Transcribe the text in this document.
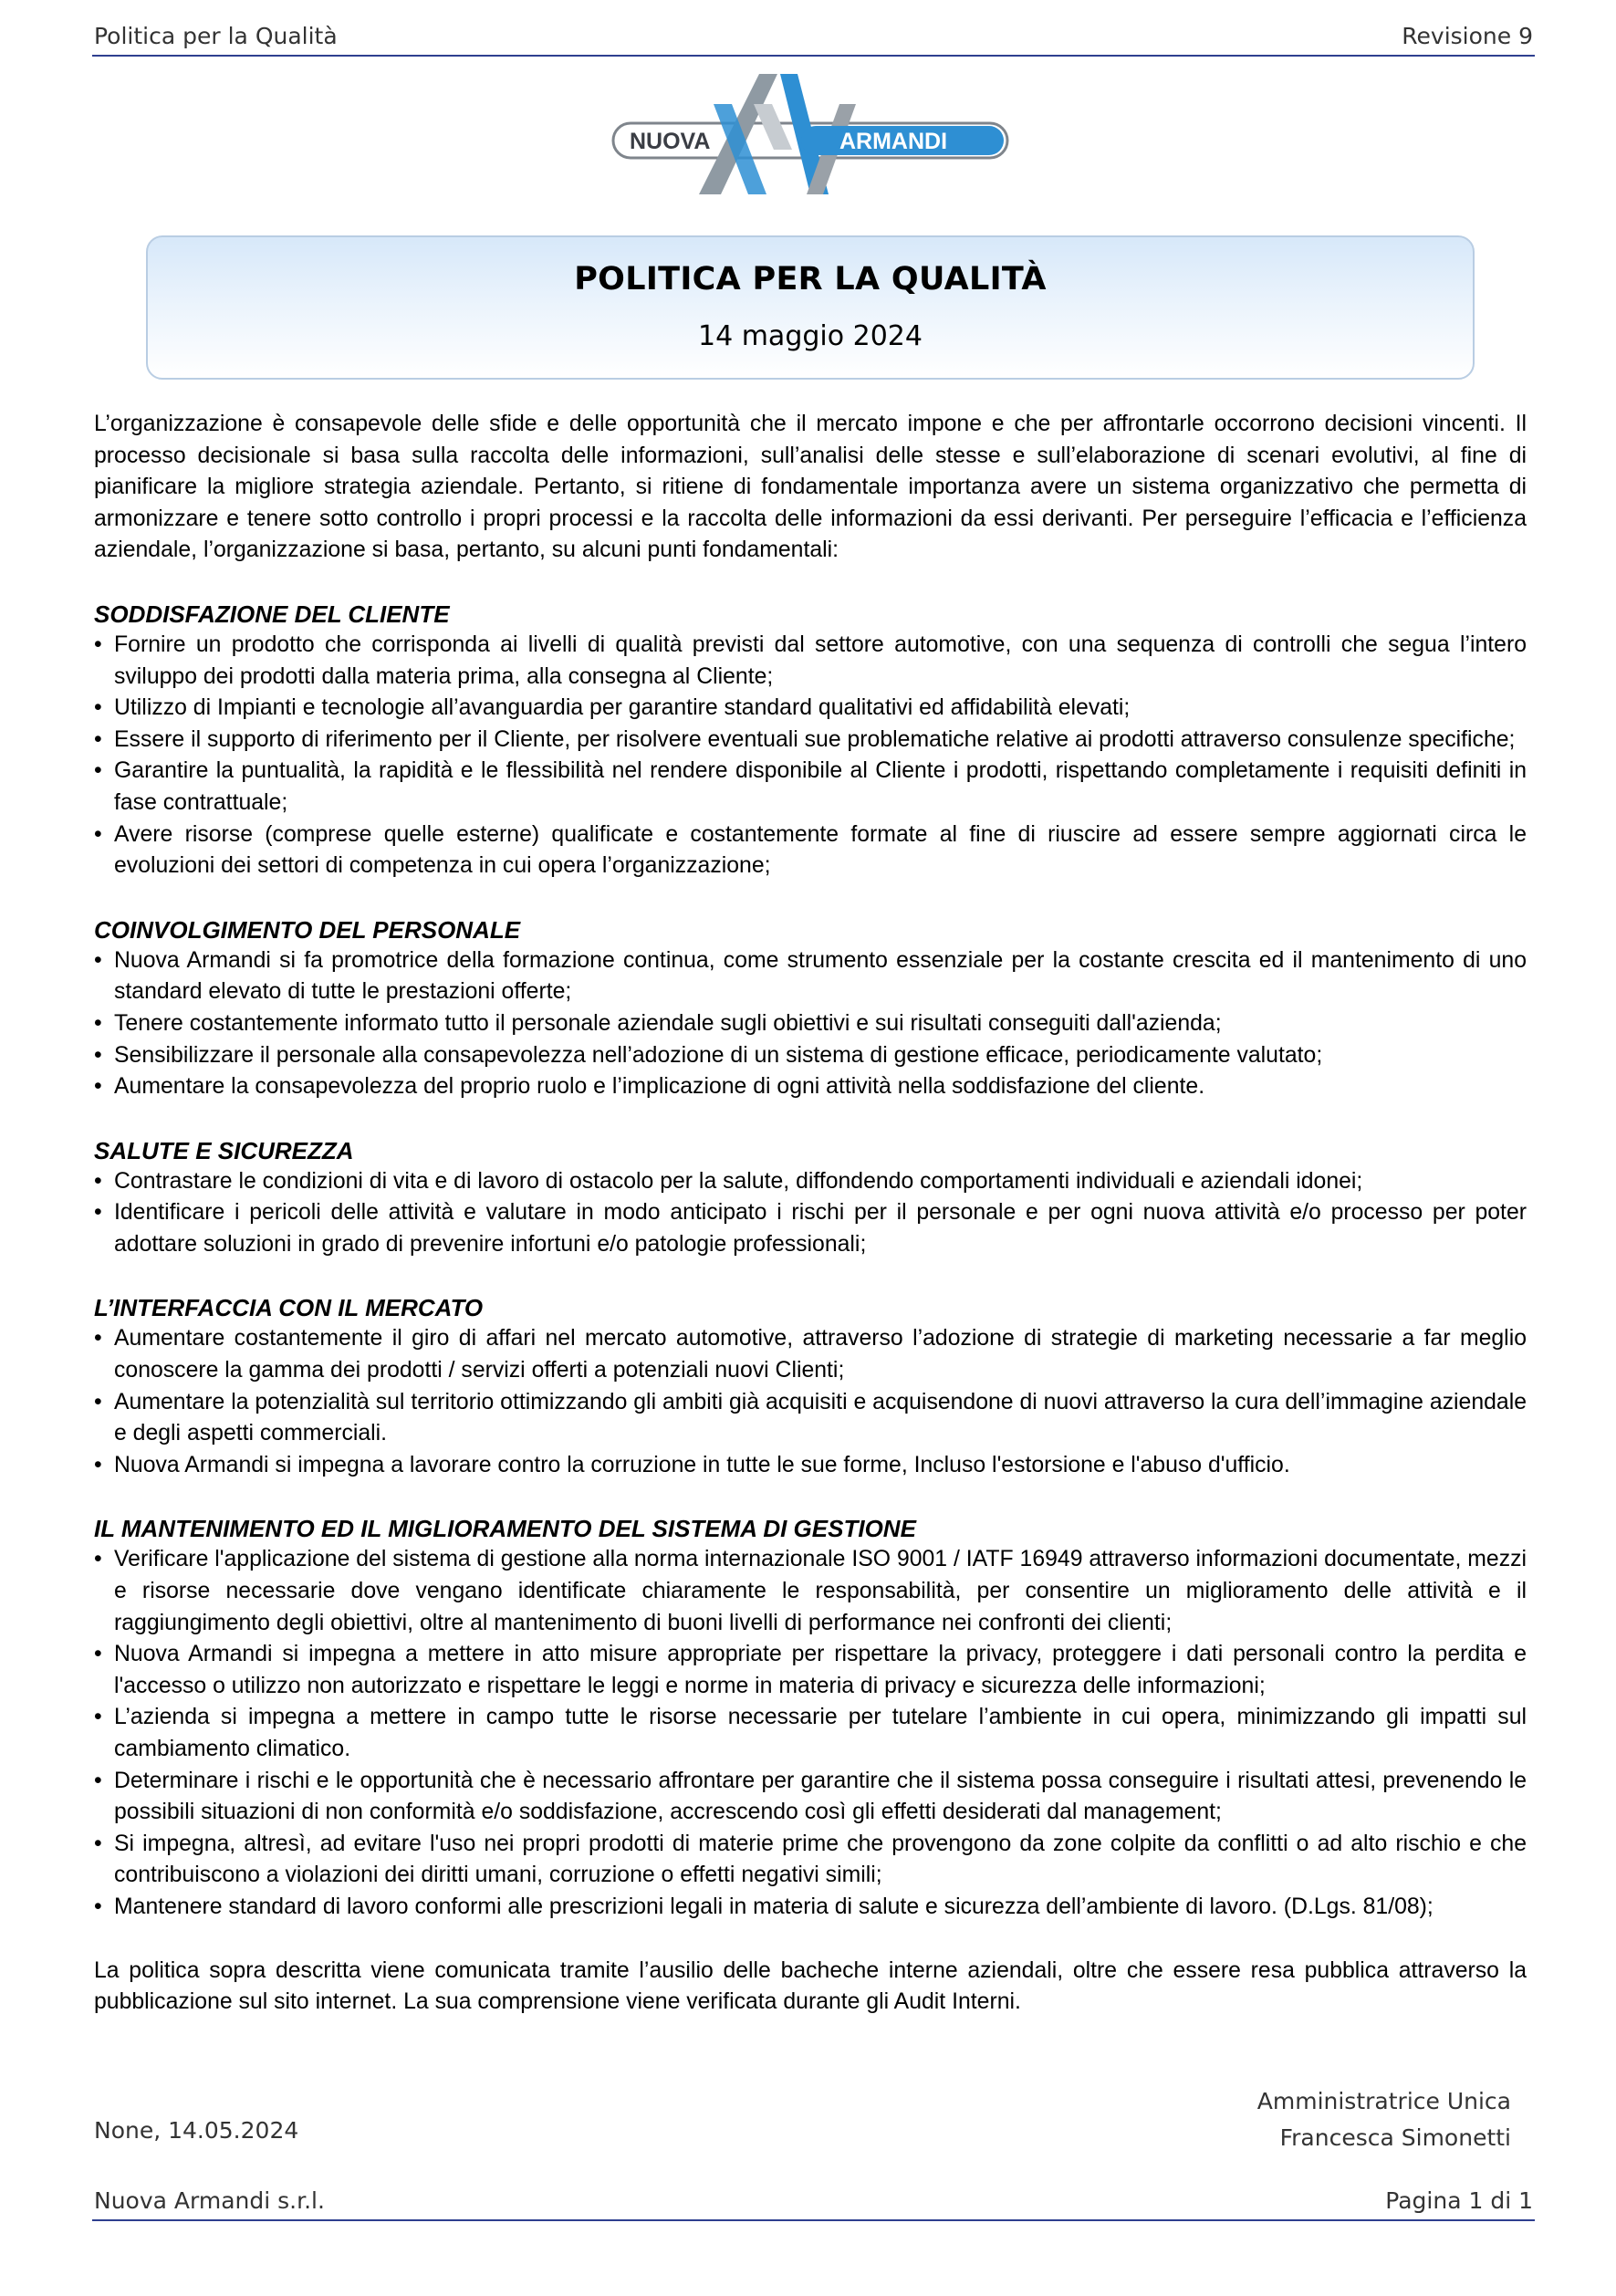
Politica per la Qualità	Revisione 9
NUOVA	ARMANDI
POLITICA PER LA QUALITÀ
14 maggio 2024

L’organizzazione è consapevole delle sfide e delle opportunità che il mercato impone e che per affrontarle occorrono decisioni vincenti. Il processo decisionale si basa sulla raccolta delle informazioni, sull’analisi delle stesse e sull’elaborazione di scenari evolutivi, al fine di pianificare la migliore strategia aziendale. Pertanto, si ritiene di fondamentale importanza avere un sistema organizzativo che permetta di armonizzare e tenere sotto controllo i propri processi e la raccolta delle informazioni da essi derivanti. Per perseguire l’efficacia e l’efficienza aziendale, l’organizzazione si basa, pertanto, su alcuni punti fondamentali:

SODDISFAZIONE DEL CLIENTE
• Fornire un prodotto che corrisponda ai livelli di qualità previsti dal settore automotive, con una sequenza di controlli che segua l’intero sviluppo dei prodotti dalla materia prima, alla consegna al Cliente;
• Utilizzo di Impianti e tecnologie all’avanguardia per garantire standard qualitativi ed affidabilità elevati;
• Essere il supporto di riferimento per il Cliente, per risolvere eventuali sue problematiche relative ai prodotti attraverso consulenze specifiche;
• Garantire la puntualità, la rapidità e le flessibilità nel rendere disponibile al Cliente i prodotti, rispettando completamente i requisiti definiti in fase contrattuale;
• Avere risorse (comprese quelle esterne) qualificate e costantemente formate al fine di riuscire ad essere sempre aggiornati circa le evoluzioni dei settori di competenza in cui opera l’organizzazione;
COINVOLGIMENTO DEL PERSONALE
• Nuova Armandi si fa promotrice della formazione continua, come strumento essenziale per la costante crescita ed il mantenimento di uno standard elevato di tutte le prestazioni offerte;
• Tenere costantemente informato tutto il personale aziendale sugli obiettivi e sui risultati conseguiti dall'azienda;
• Sensibilizzare il personale alla consapevolezza nell’adozione di un sistema di gestione efficace, periodicamente valutato;
• Aumentare la consapevolezza del proprio ruolo e l’implicazione di ogni attività nella soddisfazione del cliente.
SALUTE E SICUREZZA
• Contrastare le condizioni di vita e di lavoro di ostacolo per la salute, diffondendo comportamenti individuali e aziendali idonei;
• Identificare i pericoli delle attività e valutare in modo anticipato i rischi per il personale e per ogni nuova attività e/o processo per poter adottare soluzioni in grado di prevenire infortuni e/o patologie professionali;
L’INTERFACCIA CON IL MERCATO
• Aumentare costantemente il giro di affari nel mercato automotive, attraverso l’adozione di strategie di marketing necessarie a far meglio conoscere la gamma dei prodotti / servizi offerti a potenziali nuovi Clienti;
• Aumentare la potenzialità sul territorio ottimizzando gli ambiti già acquisiti e acquisendone di nuovi attraverso la cura dell’immagine aziendale e degli aspetti commerciali.
• Nuova Armandi si impegna a lavorare contro la corruzione in tutte le sue forme, Incluso l'estorsione e l'abuso d'ufficio.
IL MANTENIMENTO ED IL MIGLIORAMENTO DEL SISTEMA DI GESTIONE
• Verificare l'applicazione del sistema di gestione alla norma internazionale ISO 9001 / IATF 16949 attraverso informazioni documentate, mezzi e risorse necessarie dove vengano identificate chiaramente le responsabilità, per consentire un miglioramento delle attività e il raggiungimento degli obiettivi, oltre al mantenimento di buoni livelli di performance nei confronti dei clienti;
• Nuova Armandi si impegna a mettere in atto misure appropriate per rispettare la privacy, proteggere i dati personali contro la perdita e l'accesso o utilizzo non autorizzato e rispettare le leggi e norme in materia di privacy e sicurezza delle informazioni;
• L’azienda si impegna a mettere in campo tutte le risorse necessarie per tutelare l’ambiente in cui opera, minimizzando gli impatti sul cambiamento climatico.
• Determinare i rischi e le opportunità che è necessario affrontare per garantire che il sistema possa conseguire i risultati attesi, prevenendo le possibili situazioni di non conformità e/o soddisfazione, accrescendo così gli effetti desiderati dal management;
• Si impegna, altresì, ad evitare l'uso nei propri prodotti di materie prime che provengono da zone colpite da conflitti o ad alto rischio e che contribuiscono a violazioni dei diritti umani, corruzione o effetti negativi simili;
• Mantenere standard di lavoro conformi alle prescrizioni legali in materia di salute e sicurezza dell’ambiente di lavoro. (D.Lgs. 81/08);

La politica sopra descritta viene comunicata tramite l’ausilio delle bacheche interne aziendali, oltre che essere resa pubblica attraverso la pubblicazione sul sito internet. La sua comprensione viene verificata durante gli Audit Interni.

None, 14.05.2024
Amministratrice Unica
Francesca Simonetti
Nuova Armandi s.r.l.	Pagina 1 di 1
